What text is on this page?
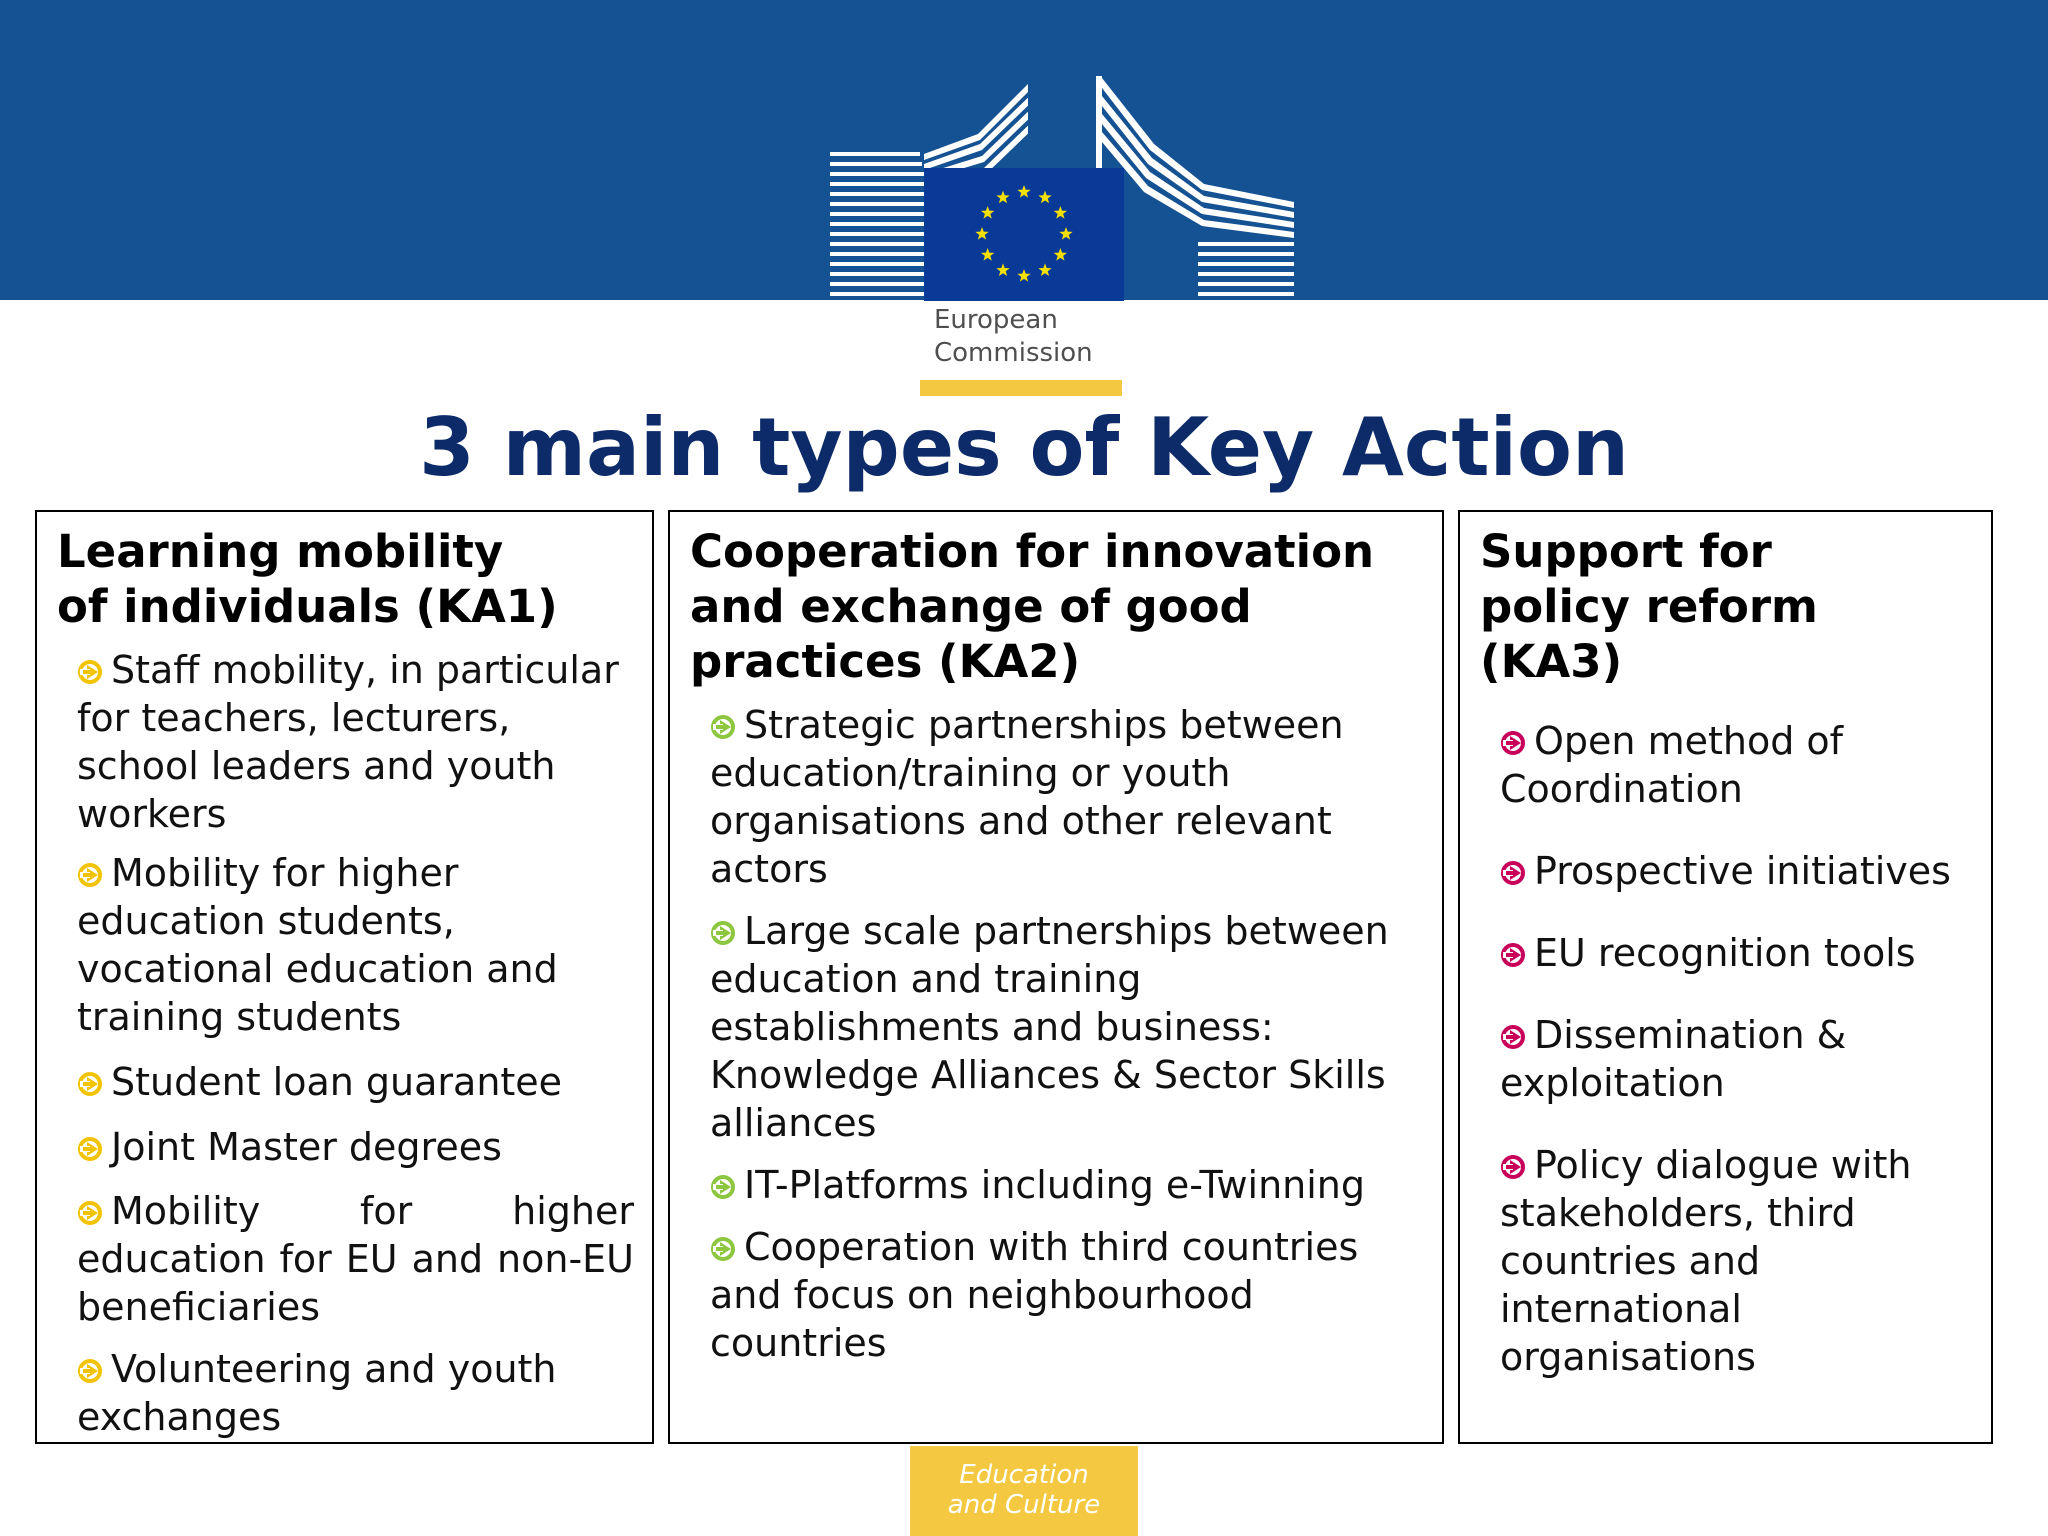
European
Commission
3 main types of Key Action
Learning mobility
of individuals (KA1)
Staff mobility, in particular for teachers, lecturers, school leaders and youth workers
Mobility for higher education students, vocational education and training students
Student loan guarantee
Joint Master degrees
Mobility for higher education for EU and non-EU beneficiaries
Volunteering and youth exchanges
Cooperation for innovation
and exchange of good
practices (KA2)
Strategic partnerships between education/training or youth organisations and other relevant actors
Large scale partnerships between education and training establishments and business: Knowledge Alliances & Sector Skills alliances
IT-Platforms including e-Twinning
Cooperation with third countries and focus on neighbourhood countries
Support for
policy reform
(KA3)
Open method of Coordination
Prospective initiatives
EU recognition tools
Dissemination & exploitation
Policy dialogue with stakeholders, third countries and international organisations
Education
and Culture
